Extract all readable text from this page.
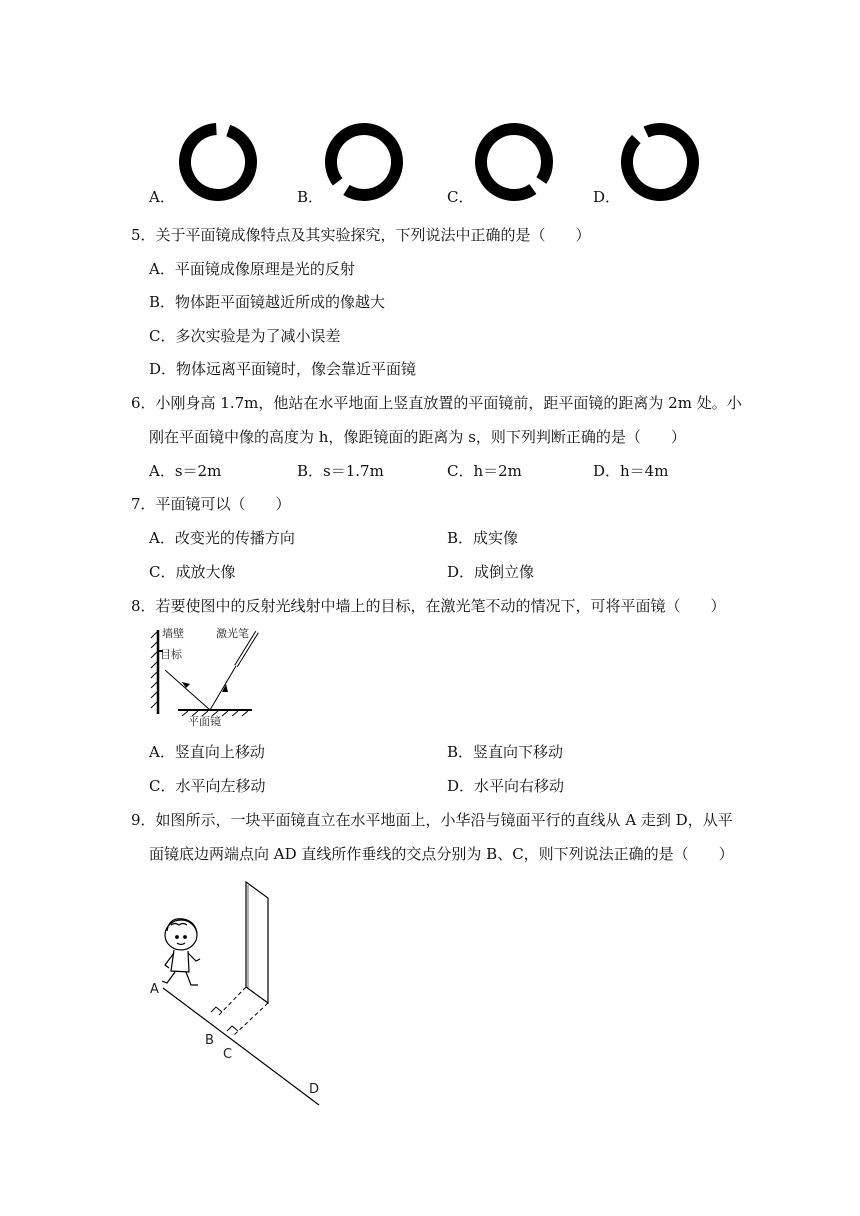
A．	B．	C．	D．
5．关于平面镜成像特点及其实验探究，下列说法中正确的是（　　）
A．平面镜成像原理是光的反射
B．物体距平面镜越近所成的像越大
C．多次实验是为了减小误差
D．物体远离平面镜时，像会靠近平面镜
6．小刚身高 1.7m，他站在水平地面上竖直放置的平面镜前，距平面镜的距离为 2m 处。小
刚在平面镜中像的高度为 h，像距镜面的距离为 s，则下列判断正确的是（　　）
A．s＝2m	B．s＝1.7m	C．h＝2m	D．h＝4m
7．平面镜可以（　　）
A．改变光的传播方向	B．成实像
C．成放大像	D．成倒立像
8．若要使图中的反射光线射中墙上的目标，在激光笔不动的情况下，可将平面镜（　　）
墙壁
目标
激光笔
平面镜
A．竖直向上移动	B．竖直向下移动
C．水平向左移动	D．水平向右移动
9．如图所示，一块平面镜直立在水平地面上，小华沿与镜面平行的直线从 A 走到 D，从平
面镜底边两端点向 AD 直线所作垂线的交点分别为 B、C，则下列说法正确的是（　　）
A
B
C
D
